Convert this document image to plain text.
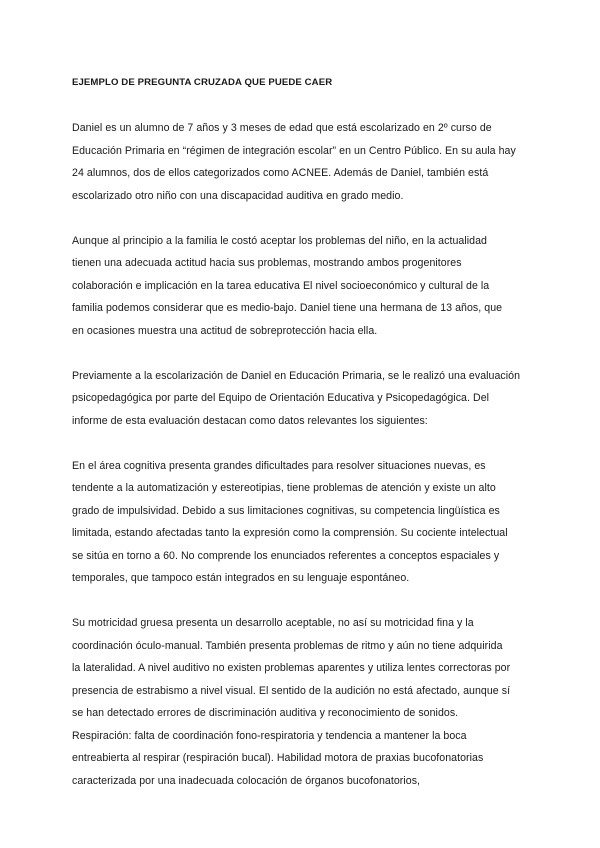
EJEMPLO DE PREGUNTA CRUZADA QUE PUEDE CAER
Daniel es un alumno de 7 años y 3 meses de edad que está escolarizado en 2º curso de
Educación Primaria en “régimen de integración escolar” en un Centro Público. En su aula hay
24 alumnos, dos de ellos categorizados como ACNEE. Además de Daniel, también está
escolarizado otro niño con una discapacidad auditiva en grado medio.
Aunque al principio a la familia le costó aceptar los problemas del niño, en la actualidad
tienen una adecuada actitud hacia sus problemas, mostrando ambos progenitores
colaboración e implicación en la tarea educativa El nivel socioeconómico y cultural de la
familia podemos considerar que es medio-bajo. Daniel tiene una hermana de 13 años, que
en ocasiones muestra una actitud de sobreprotección hacia ella.
Previamente a la escolarización de Daniel en Educación Primaria, se le realizó una evaluación
psicopedagógica por parte del Equipo de Orientación Educativa y Psicopedagógica. Del
informe de esta evaluación destacan como datos relevantes los siguientes:
En el área cognitiva presenta grandes dificultades para resolver situaciones nuevas, es
tendente a la automatización y estereotipias, tiene problemas de atención y existe un alto
grado de impulsividad. Debido a sus limitaciones cognitivas, su competencia lingüística es
limitada, estando afectadas tanto la expresión como la comprensión. Su cociente intelectual
se sitúa en torno a 60. No comprende los enunciados referentes a conceptos espaciales y
temporales, que tampoco están integrados en su lenguaje espontáneo.
Su motricidad gruesa presenta un desarrollo aceptable, no así su motricidad fina y la
coordinación óculo-manual. También presenta problemas de ritmo y aún no tiene adquirida
la lateralidad. A nivel auditivo no existen problemas aparentes y utiliza lentes correctoras por
presencia de estrabismo a nivel visual. El sentido de la audición no está afectado, aunque sí
se han detectado errores de discriminación auditiva y reconocimiento de sonidos.
Respiración: falta de coordinación fono-respiratoria y tendencia a mantener la boca
entreabierta al respirar (respiración bucal). Habilidad motora de praxias bucofonatorias
caracterizada por una inadecuada colocación de órganos bucofonatorios,
